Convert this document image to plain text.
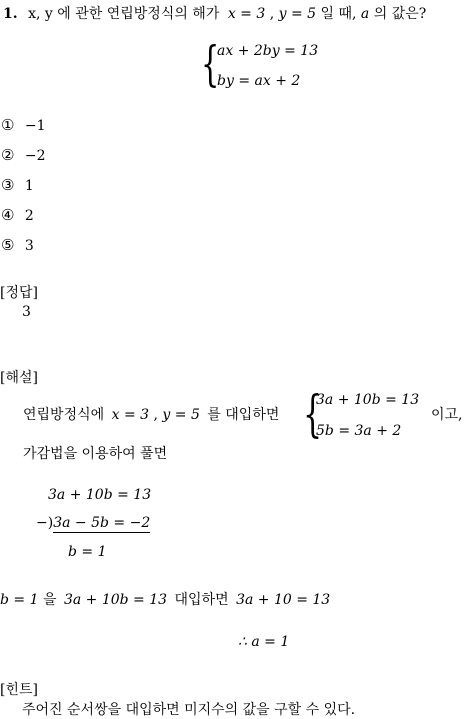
1. x, y 에 관한 연립방정식의 해가 x = 3 , y = 5 일 때, a 의 값은?
{
ax + 2by = 13
by = ax + 2
① −1
② −2
③ 1
④ 2
⑤ 3
[정답]
3
[해설]
연립방정식에 x = 3 , y = 5 를 대입하면 {
3a + 10b = 13
5b = 3a + 2
이고,
가감법을 이용하여 풀면
3a + 10b = 13
−)3a − 5b = −2
b = 1
b = 1 을 3a + 10b = 13 대입하면 3a + 10 = 13
∴ a = 1
[힌트]
주어진 순서쌍을 대입하면 미지수의 값을 구할 수 있다.
